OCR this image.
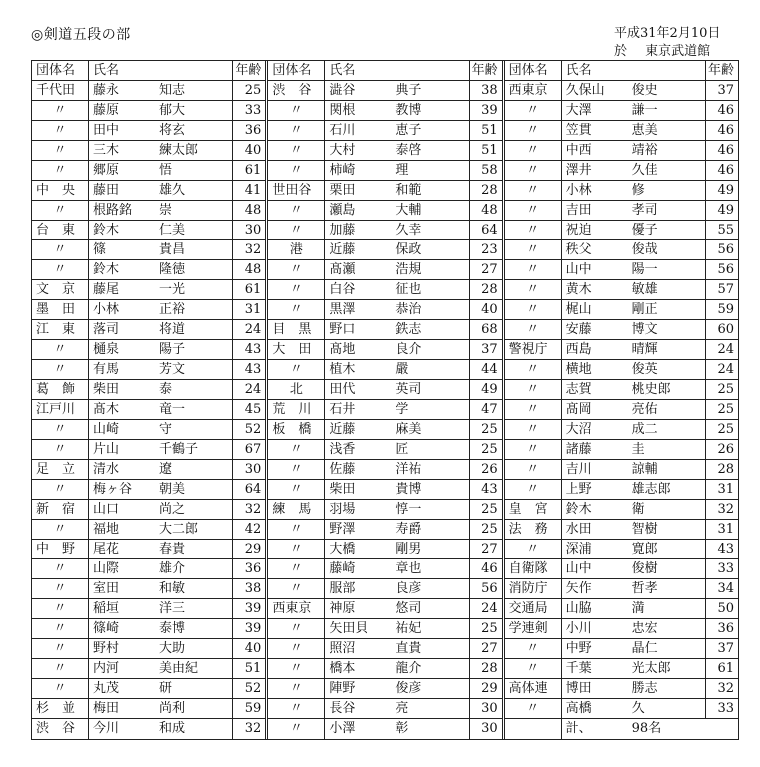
◎剣道五段の部	平成31年2月10日
於 東京武道館
団体名	氏名	年齢
千代田	藤永	知志	25
〃	藤原	郁大	33
〃	田中	将玄	36
〃	三木	練太郎	40
〃	郷原	悟	61
中　央	藤田	雄久	41
〃	根路銘	崇	48
台　東	鈴木	仁美	30
〃	篠	貴昌	32
〃	鈴木	隆徳	48
文　京	藤尾	一光	61
墨　田	小林	正裕	31
江　東	落司	将道	24
〃	樋泉	陽子	43
〃	有馬	芳文	43
葛　飾	柴田	泰	24
江戸川	髙木	竜一	45
〃	山崎	守	52
〃	片山	千鶴子	67
足　立	清水	遼	30
〃	梅ヶ谷	朝美	64
新　宿	山口	尚之	32
〃	福地	大二郎	42
中　野	尾花	春貴	29
〃	山際	雄介	36
〃	室田	和敏	38
〃	稲垣	洋三	39
〃	篠崎	泰博	39
〃	野村	大助	40
〃	内河	美由紀	51
〃	丸茂	研	52
杉　並	梅田	尚利	59
渋　谷	今川	和成	32
団体名	氏名	年齢
渋　谷	澁谷	典子	38
〃	関根	教博	39
〃	石川	恵子	51
〃	大村	泰啓	51
〃	柿崎	理	58
世田谷	栗田	和範	28
〃	瀬島	大輔	48
〃	加藤	久幸	64
港	近藤	保政	23
〃	髙瀬	浩規	27
〃	白谷	征也	28
〃	黒澤	恭治	40
目　黒	野口	鉄志	68
大　田	髙地	良介	37
〃	植木	嚴	44
北	田代	英司	49
荒　川	石井	学	47
板　橋	近藤	麻美	25
〃	浅香	匠	25
〃	佐藤	洋祐	26
〃	柴田	貴博	43
練　馬	羽場	惇一	25
〃	野澤	寿爵	25
〃	大橋	剛男	27
〃	藤崎	章也	46
〃	服部	良彦	56
西東京	神原	悠司	24
〃	矢田貝	祐妃	25
〃	照沼	直貴	27
〃	橋本	龍介	28
〃	陣野	俊彦	29
〃	長谷	亮	30
〃	小澤	彰	30
団体名	氏名	年齢
西東京	久保山	俊史	37
〃	大澤	謙一	46
〃	笠貫	恵美	46
〃	中西	靖裕	46
〃	澤井	久佳	46
〃	小林	修	49
〃	吉田	孝司	49
〃	祝迫	優子	55
〃	秩父	俊哉	56
〃	山中	陽一	56
〃	黄木	敏雄	57
〃	梶山	剛正	59
〃	安藤	博文	60
警視庁	西島	晴輝	24
〃	横地	俊英	24
〃	志賀	桃史郎	25
〃	髙岡	亮佑	25
〃	大沼	成二	25
〃	諸藤	圭	26
〃	吉川	諒輔	28
〃	上野	雄志郎	31
皇　宮	鈴木	衛	32
法　務	水田	智樹	31
〃	深浦	寛郎	43
自衛隊	山中	俊樹	33
消防庁	矢作	哲孝	34
交通局	山脇	満	50
学連剣	小川	忠宏	36
〃	中野	晶仁	37
〃	千葉	光太郎	61
高体連	博田	勝志	32
〃	高橋	久	33
計、	98名
